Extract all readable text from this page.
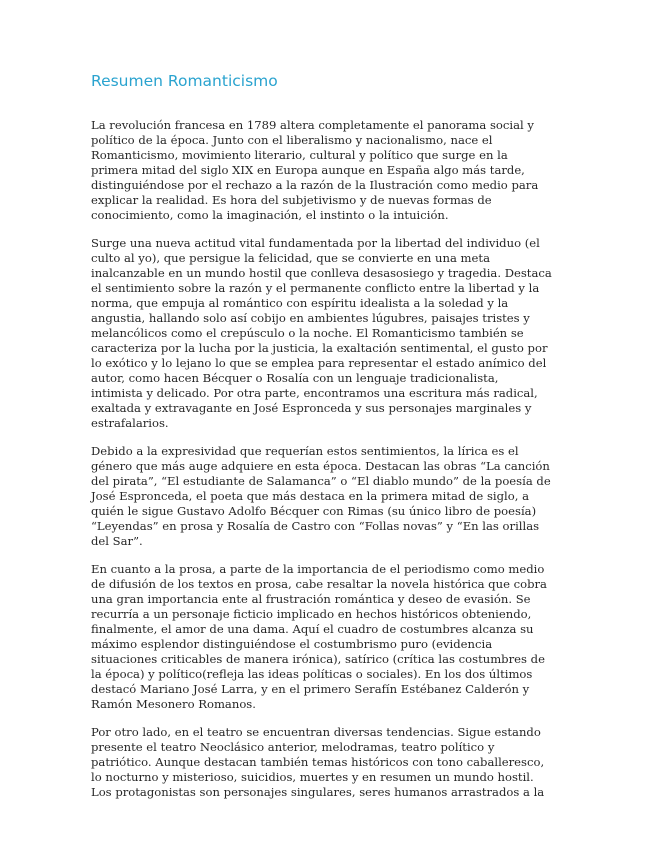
Resumen Romanticismo

La revolución francesa en 1789 altera completamente el panorama social y político de la época. Junto con el liberalismo y nacionalismo, nace el Romanticismo, movimiento literario, cultural y político que surge en la primera mitad del siglo XIX en Europa aunque en España algo más tarde, distinguiéndose por el rechazo a la razón de la Ilustración como medio para explicar la realidad. Es hora del subjetivismo y de nuevas formas de conocimiento, como la imaginación, el instinto o la intuición.

Surge una nueva actitud vital fundamentada por la libertad del individuo (el culto al yo), que persigue la felicidad, que se convierte en una meta inalcanzable en un mundo hostil que conlleva desasosiego y tragedia. Destaca el sentimiento sobre la razón y el permanente conflicto entre la libertad y la norma, que empuja al romántico con espíritu idealista a la soledad y la angustia, hallando solo así cobijo en ambientes lúgubres, paisajes tristes y melancólicos como el crepúsculo o la noche. El Romanticismo también se caracteriza por la lucha por la justicia, la exaltación sentimental, el gusto por lo exótico y lo lejano lo que se emplea para representar el estado anímico del autor, como hacen Bécquer o Rosalía con un lenguaje tradicionalista, intimista y delicado. Por otra parte, encontramos una escritura más radical, exaltada y extravagante en José Espronceda y sus personajes marginales y estrafalarios.

Debido a la expresividad que requerían estos sentimientos, la lírica es el género que más auge adquiere en esta época. Destacan las obras “La canción del pirata”, “El estudiante de Salamanca” o “El diablo mundo” de la poesía de José Espronceda, el poeta que más destaca en la primera mitad de siglo, a quién le sigue Gustavo Adolfo Bécquer con Rimas (su único libro de poesía) “Leyendas” en prosa y Rosalía de Castro con “Follas novas” y “En las orillas del Sar”.

En cuanto a la prosa, a parte de la importancia de el periodismo como medio de difusión de los textos en prosa, cabe resaltar la novela histórica que cobra una gran importancia ente al frustración romántica y deseo de evasión. Se recurría a un personaje ficticio implicado en hechos históricos obteniendo, finalmente, el amor de una dama. Aquí el cuadro de costumbres alcanza su máximo esplendor distinguiéndose el costumbrismo puro (evidencia situaciones criticables de manera irónica), satírico (crítica las costumbres de la época) y político(refleja las ideas políticas o sociales). En los dos últimos destacó Mariano José Larra, y en el primero Serafín Estébanez Calderón y Ramón Mesonero Romanos.

Por otro lado, en el teatro se encuentran diversas tendencias. Sigue estando presente el teatro Neoclásico anterior, melodramas, teatro político y patriótico. Aunque destacan también temas históricos con tono caballeresco, lo nocturno y misterioso, suicidios, muertes y en resumen un mundo hostil. Los protagonistas son personajes singulares, seres humanos arrastrados a la
